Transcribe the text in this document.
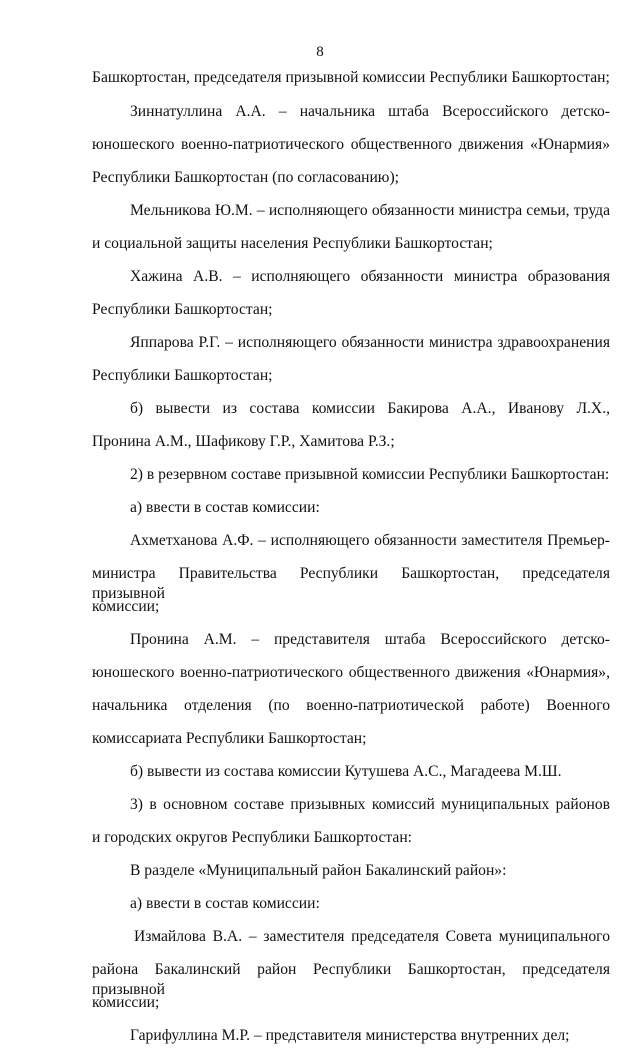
8
Башкортостан, председателя призывной комиссии Республики Башкортостан;
Зиннатуллина А.А. – начальника штаба Всероссийского детско-
юношеского военно-патриотического общественного движения «Юнармия»
Республики Башкортостан (по согласованию);
Мельникова Ю.М. – исполняющего обязанности министра семьи, труда
и социальной защиты населения Республики Башкортостан;
Хажина А.В. – исполняющего обязанности министра образования
Республики Башкортостан;
Яппарова Р.Г. – исполняющего обязанности министра здравоохранения
Республики Башкортостан;
б) вывести из состава комиссии Бакирова А.А., Иванову Л.Х.,
Пронина А.М., Шафикову Г.Р., Хамитова Р.З.;
2) в резервном составе призывной комиссии Республики Башкортостан:
а) ввести в состав комиссии:
Ахметханова А.Ф. – исполняющего обязанности заместителя Премьер-
министра Правительства Республики Башкортостан, председателя призывной
комиссии;
Пронина А.М. – представителя штаба Всероссийского детско-
юношеского военно-патриотического общественного движения «Юнармия»,
начальника отделения (по военно-патриотической работе) Военного
комиссариата Республики Башкортостан;
б) вывести из состава комиссии Кутушева А.С., Магадеева М.Ш.
3) в основном составе призывных комиссий муниципальных районов
и городских округов Республики Башкортостан:
В разделе «Муниципальный район Бакалинский район»:
а) ввести в состав комиссии:
Измайлова В.А. – заместителя председателя Совета муниципального
района Бакалинский район Республики Башкортостан, председателя призывной
комиссии;
Гарифуллина М.Р. – представителя министерства внутренних дел;
